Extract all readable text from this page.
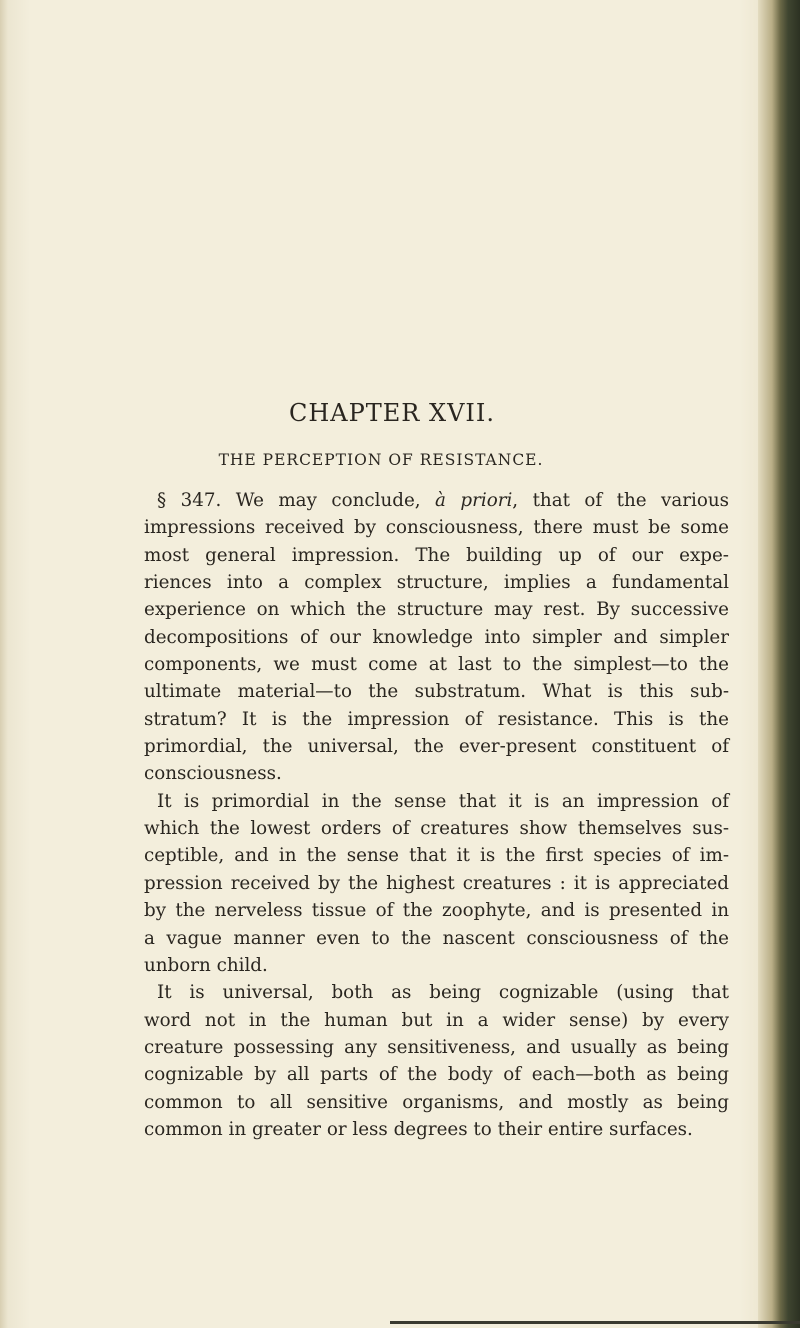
CHAPTER XVII.
THE PERCEPTION OF RESISTANCE.

§ 347. We may conclude, à priori, that of the various
impressions received by consciousness, there must be some
most general impression. The building up of our expe-
riences into a complex structure, implies a fundamental
experience on which the structure may rest. By successive
decompositions of our knowledge into simpler and simpler
components, we must come at last to the simplest—to the
ultimate material—to the substratum. What is this sub-
stratum? It is the impression of resistance. This is the
primordial, the universal, the ever-present constituent of
consciousness.

It is primordial in the sense that it is an impression of
which the lowest orders of creatures show themselves sus-
ceptible, and in the sense that it is the first species of im-
pression received by the highest creatures : it is appreciated
by the nerveless tissue of the zoophyte, and is presented in
a vague manner even to the nascent consciousness of the
unborn child.

It is universal, both as being cognizable (using that
word not in the human but in a wider sense) by every
creature possessing any sensitiveness, and usually as being
cognizable by all parts of the body of each—both as being
common to all sensitive organisms, and mostly as being
common in greater or less degrees to their entire surfaces.
